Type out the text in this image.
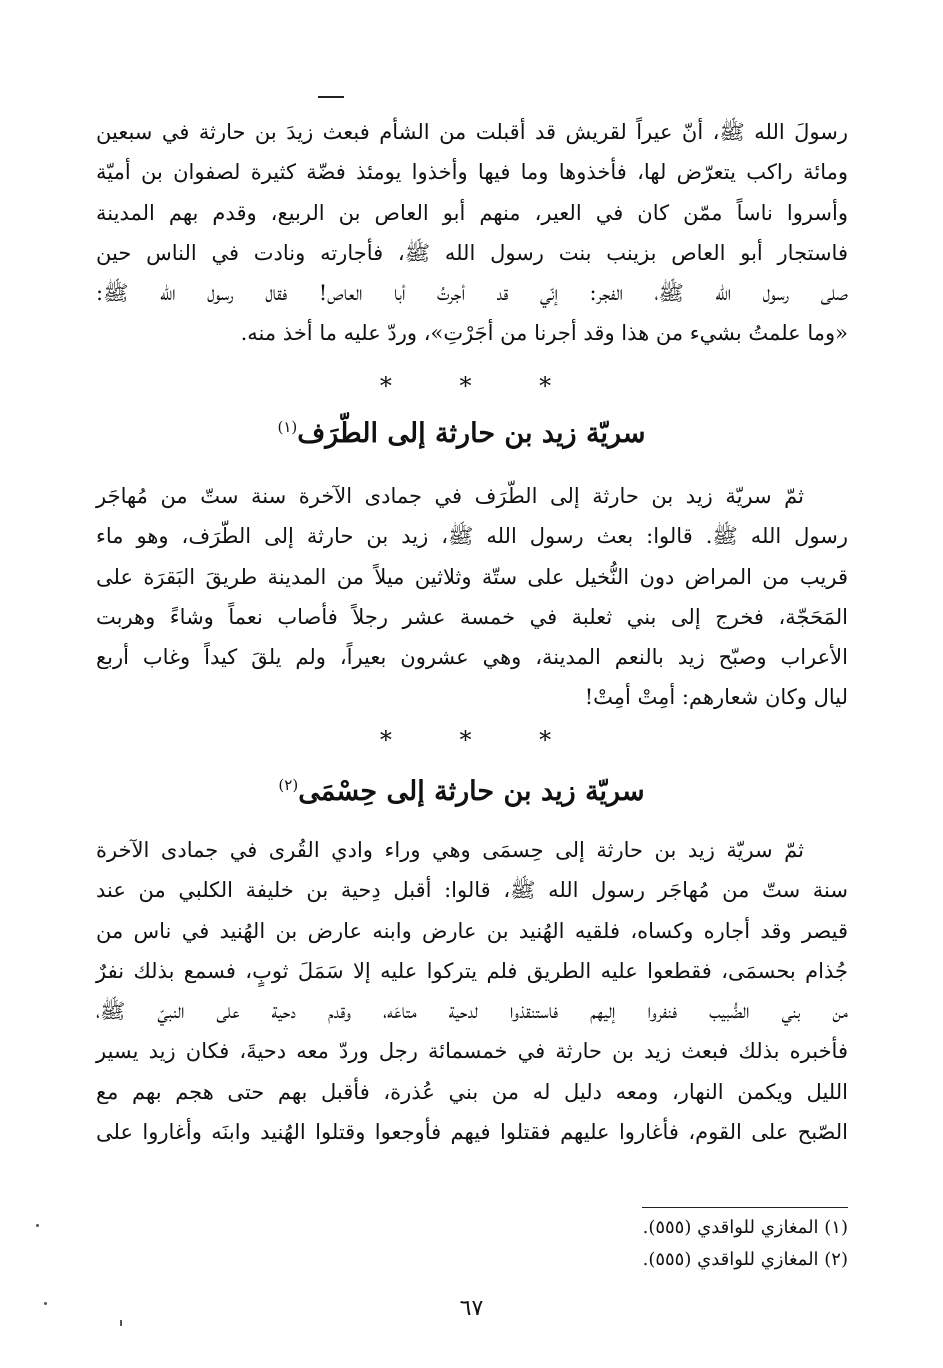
رسولَ الله ﷺ، أنّ عيراً لقريش قد أقبلت من الشأم فبعث زيدَ بن حارثة في سبعين
ومائة راكب يتعرّض لها، فأخذوها وما فيها وأخذوا يومئذ فضّة كثيرة لصفوان بن أميّة
وأسروا ناساً ممّن كان في العير، منهم أبو العاص بن الربيع، وقدم بهم المدينة
فاستجار أبو العاص بزينب بنت رسول الله ﷺ، فأجارته ونادت في الناس حين
صلى رسول الله ﷺ، الفجر: إنّي قد أجرتُ أبا العاص! فقال رسول الله ﷺ:
«وما علمتُ بشيء من هذا وقد أجرنا من أجَرْتِ»، وردّ عليه ما أخذ منه.
*	*	*
سريّة زيد بن حارثة إلى الطّرَف$^{(١)}$
ثمّ سريّة زيد بن حارثة إلى الطّرَف في جمادى الآخرة سنة ستّ من مُهاجَر
رسول الله ﷺ. قالوا: بعث رسول الله ﷺ، زيد بن حارثة إلى الطّرَف، وهو ماء
قريب من المراض دون النُّخيل على ستّة وثلاثين ميلاً من المدينة طريقَ البَقرَة على
المَحَجّة، فخرج إلى بني ثعلبة في خمسة عشر رجلاً فأصاب نعماً وشاءً وهربت
الأعراب وصبّح زيد بالنعم المدينة، وهي عشرون بعيراً، ولم يلقَ كيداً وغاب أربع
ليال وكان شعارهم: أمِتْ أمِتْ!
*	*	*
سريّة زيد بن حارثة إلى حِسْمَى$^{(٢)}$
ثمّ سريّة زيد بن حارثة إلى حِسمَى وهي وراء وادي القُرى في جمادى الآخرة
سنة ستّ من مُهاجَر رسول الله ﷺ، قالوا: أقبل دِحية بن خليفة الكلبي من عند
قيصر وقد أجاره وكساه، فلقيه الهُنيد بن عارض وابنه عارض بن الهُنيد في ناس من
جُذام بحسمَى، فقطعوا عليه الطريق فلم يتركوا عليه إلا سَمَلَ ثوبٍ، فسمع بذلك نفرٌ
من بني الضُّبيب فنفروا إليهم فاستنقذوا لدحية متاعَه، وقدم دحية على النبيّ ﷺ،
فأخبره بذلك فبعث زيد بن حارثة في خمسمائة رجل وردّ معه دحيةَ، فكان زيد يسير
الليل ويكمن النهار، ومعه دليل له من بني عُذرة، فأقبل بهم حتى هجم بهم مع
الصّبح على القوم، فأغاروا عليهم فقتلوا فيهم فأوجعوا وقتلوا الهُنيد وابنَه وأغاروا على
(١) المغازي للواقدي (٥٥٥).
(٢) المغازي للواقدي (٥٥٥).
٦٧
